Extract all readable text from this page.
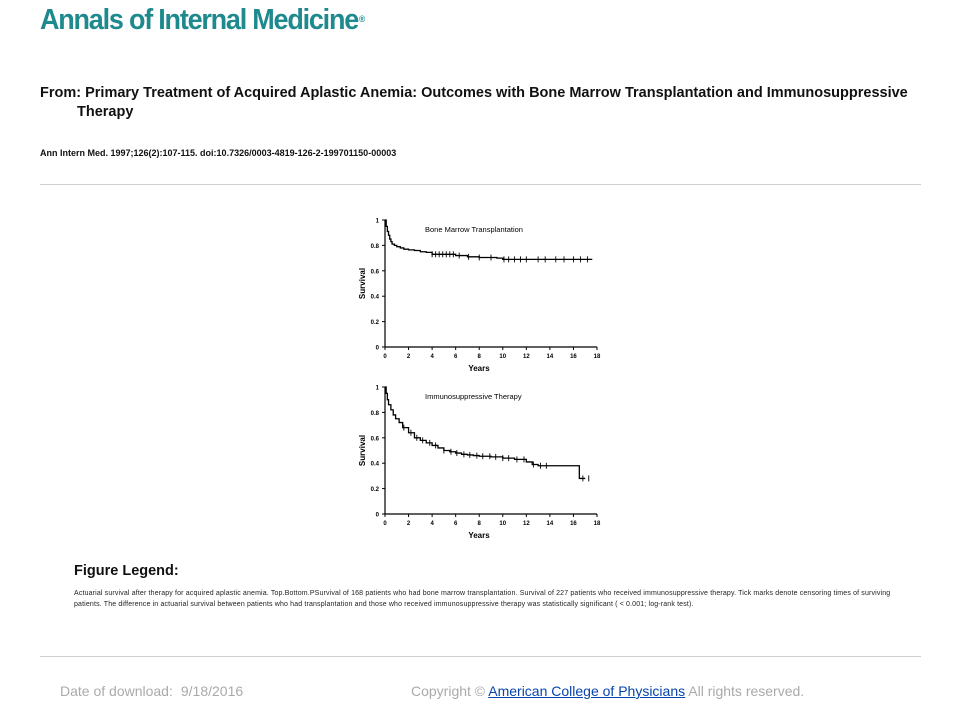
Annals of Internal Medicine®
From: Primary Treatment of Acquired Aplastic Anemia: Outcomes with Bone Marrow Transplantation and Immunosuppressive Therapy
Ann Intern Med. 1997;126(2):107-115. doi:10.7326/0003-4819-126-2-199701150-00003
0
0.2
0.4
0.6
0.8
1
0	2	4	6	8	10	12	14	16	18
Years
Survival
Bone Marrow Transplantation
0
0.2
0.4
0.6
0.8
1
0	2	4	6	8	10	12	14	16	18
Years
Survival
Immunosuppressive Therapy
Figure Legend:
Actuarial survival after therapy for acquired aplastic anemia. Top.Bottom.PSurvival of 168 patients who had bone marrow transplantation. Survival of 227 patients who received immunosuppressive therapy. Tick marks denote censoring times of surviving patients. The difference in actuarial survival between patients who had transplantation and those who received immunosuppressive therapy was statistically significant ( < 0.001; log-rank test).
Date of download: 9/18/2016	Copyright © American College of Physicians All rights reserved.
